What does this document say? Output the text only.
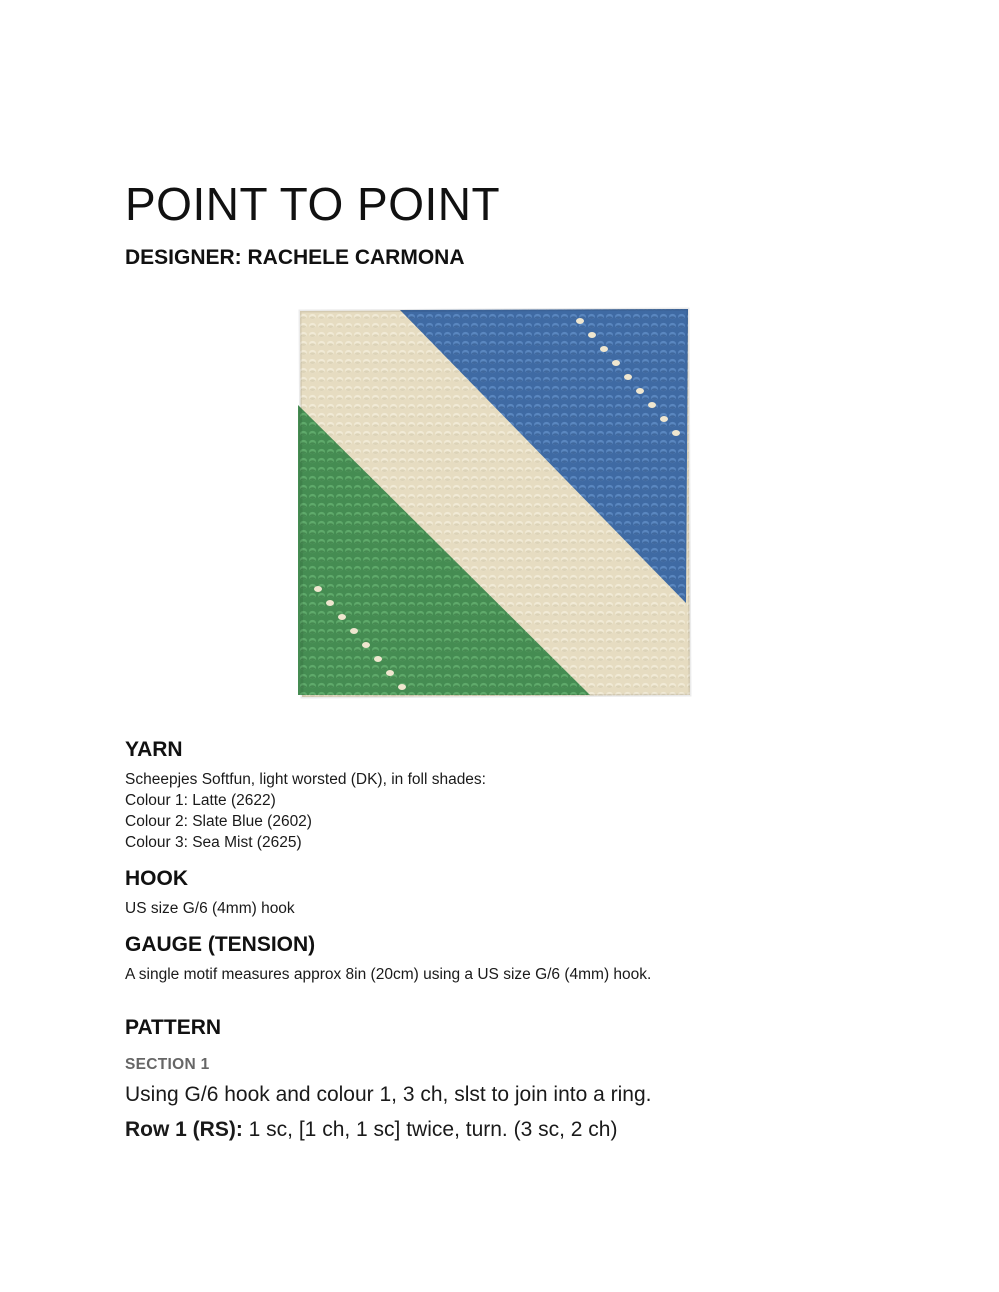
POINT TO POINT
DESIGNER: RACHELE CARMONA
YARN

Scheepjes Softfun, light worsted (DK), in foll shades:

Colour 1: Latte (2622)

Colour 2: Slate Blue (2602)

Colour 3: Sea Mist (2625)

HOOK

US size G/6 (4mm) hook

GAUGE (TENSION)

A single motif measures approx 8in (20cm) using a US size G/6 (4mm) hook.

PATTERN

SECTION 1

Using G/6 hook and colour 1, 3 ch, slst to join into a ring.

Row 1 (RS): 1 sc, [1 ch, 1 sc] twice, turn. (3 sc, 2 ch)
